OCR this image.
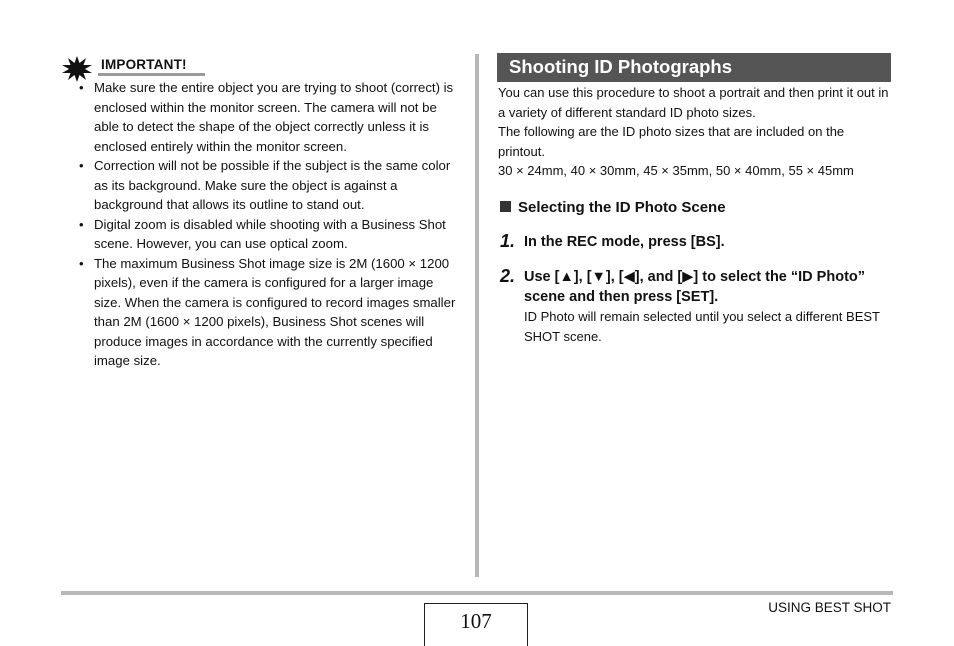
IMPORTANT!
• Make sure the entire object you are trying to shoot (correct) is enclosed within the monitor screen. The camera will not be able to detect the shape of the object correctly unless it is enclosed entirely within the monitor screen.
• Correction will not be possible if the subject is the same color as its background. Make sure the object is against a background that allows its outline to stand out.
• Digital zoom is disabled while shooting with a Business Shot scene. However, you can use optical zoom.
• The maximum Business Shot image size is 2M (1600 × 1200 pixels), even if the camera is configured for a larger image size. When the camera is configured to record images smaller than 2M (1600 × 1200 pixels), Business Shot scenes will produce images in accordance with the currently specified image size.
Shooting ID Photographs

You can use this procedure to shoot a portrait and then print it out in a variety of different standard ID photo sizes.

The following are the ID photo sizes that are included on the printout.

30 × 24mm, 40 × 30mm, 45 × 35mm, 50 × 40mm, 55 × 45mm

Selecting the ID Photo Scene
1. In the REC mode, press [BS].
2. Use [▲], [▼], [◀], and [▶] to select the “ID Photo” scene and then press [SET].
ID Photo will remain selected until you select a different BEST SHOT scene.
107
USING BEST SHOT
